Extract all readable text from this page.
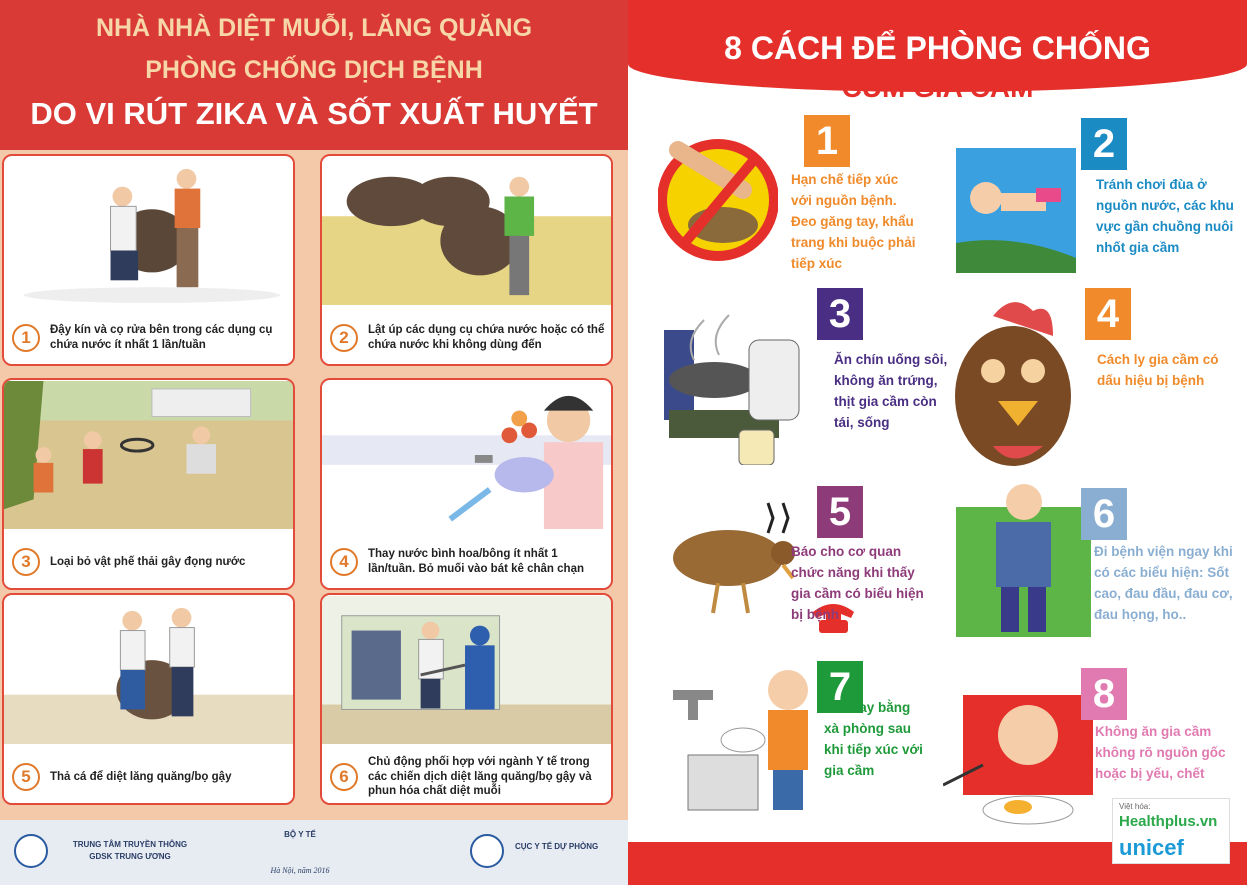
NHÀ NHÀ DIỆT MUỖI, LĂNG QUĂNG
PHÒNG CHỐNG DỊCH BỆNH
DO VI RÚT ZIKA VÀ SỐT XUẤT HUYẾT
1	Đậy kín và cọ rửa bên trong các dụng cụ chứa nước ít nhất 1 lần/tuần	2	Lật úp các dụng cụ chứa nước hoặc có thể chứa nước khi không dùng đến
3	Loại bỏ vật phế thải gây đọng nước	4	Thay nước bình hoa/bông ít nhất 1 lần/tuần. Bỏ muối vào bát kê chân chạn
5	Thả cá để diệt lăng quăng/bọ gậy	6
Chủ động phối hợp với ngành Y tế trong các chiến dịch diệt lăng quăng/bọ gậy và phun hóa chất diệt muỗi
TRUNG TÂM TRUYỀN THÔNG
GDSK TRUNG ƯƠNG
BỘ Y TẾ
Hà Nội, năm 2016
CỤC Y TẾ DỰ PHÒNG
8 CÁCH ĐỂ PHÒNG CHỐNG
CÚM GIA CẦM
1
Hạn chế tiếp xúc với nguồn bệnh. Đeo găng tay, khẩu trang khi buộc phải tiếp xúc
2
Tránh chơi đùa ở nguồn nước, các khu vực gần chuồng nuôi nhốt gia cầm
3
Ăn chín uống sôi, không ăn trứng, thịt gia cầm còn tái, sống
4
Cách ly gia cầm có dấu hiệu bị bệnh
5
Báo cho cơ quan chức năng khi thấy gia cầm có biểu hiện bị bệnh
6
Đi bệnh viện ngay khi có các biểu hiện: Sốt cao, đau đầu, đau cơ, đau họng, ho..
7
Rửa tay bằng xà phòng sau khi tiếp xúc với gia cầm
8
Không ăn gia cầm không rõ nguồn gốc hoặc bị yếu, chết
Việt hóa:
Healthplus.vn
unicef
